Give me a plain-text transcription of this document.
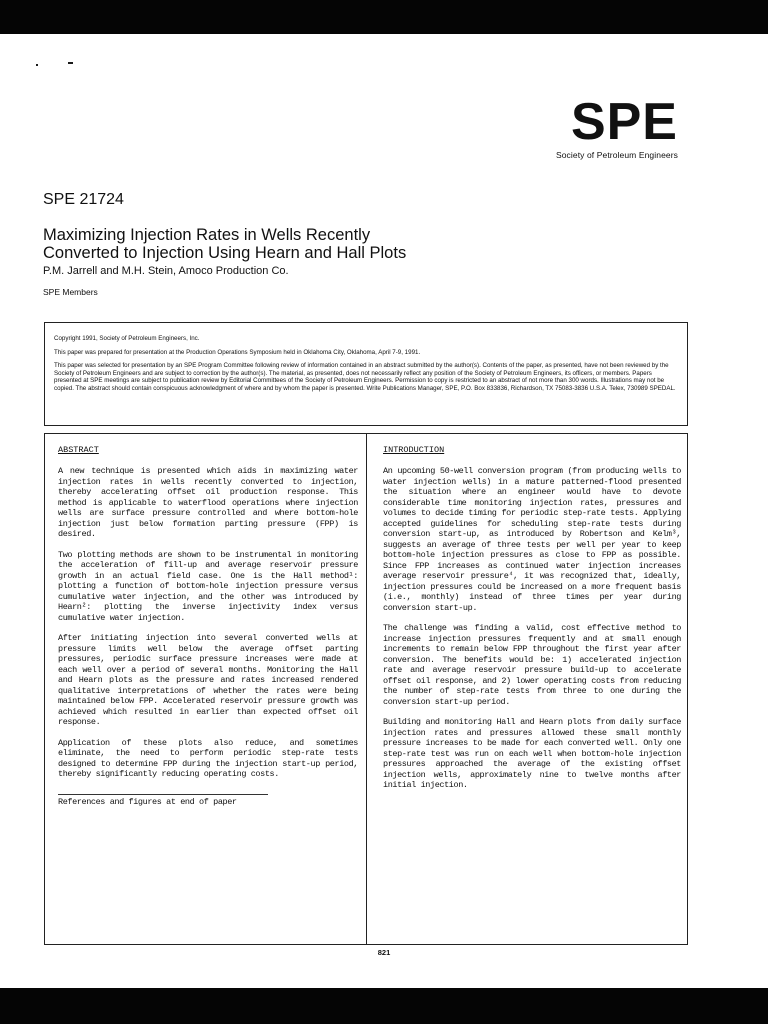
SPE
Society of Petroleum Engineers
SPE 21724
Maximizing Injection Rates in Wells Recently
Converted to Injection Using Hearn and Hall Plots
P.M. Jarrell and M.H. Stein, Amoco Production Co.
SPE Members

Copyright 1991, Society of Petroleum Engineers, Inc.

This paper was prepared for presentation at the Production Operations Symposium held in Oklahoma City, Oklahoma, April 7-9, 1991.

This paper was selected for presentation by an SPE Program Committee following review of information contained in an abstract submitted by the author(s). Contents of the paper, as presented, have not been reviewed by the Society of Petroleum Engineers and are subject to correction by the author(s). The material, as presented, does not necessarily reflect any position of the Society of Petroleum Engineers, its officers, or members. Papers presented at SPE meetings are subject to publication review by Editorial Committees of the Society of Petroleum Engineers. Permission to copy is restricted to an abstract of not more than 300 words. Illustrations may not be copied. The abstract should contain conspicuous acknowledgment of where and by whom the paper is presented. Write Publications Manager, SPE, P.O. Box 833836, Richardson, TX 75083-3836 U.S.A. Telex, 730989 SPEDAL.

ABSTRACT

A new technique is presented which aids in maximizing water injection rates in wells recently converted to injection, thereby accelerating offset oil production response. This method is applicable to waterflood operations where injection wells are surface pressure controlled and where bottom-hole injection just below formation parting pressure (FPP) is desired.

Two plotting methods are shown to be instrumental in monitoring the acceleration of fill-up and average reservoir pressure growth in an actual field case. One is the Hall method¹: plotting a function of bottom-hole injection pressure versus cumulative water injection, and the other was introduced by Hearn²: plotting the inverse injectivity index versus cumulative water injection.

After initiating injection into several converted wells at pressure limits well below the average offset parting pressures, periodic surface pressure increases were made at each well over a period of several months. Monitoring the Hall and Hearn plots as the pressure and rates increased rendered qualitative interpretations of whether the rates were being maintained below FPP. Accelerated reservoir pressure growth was achieved which resulted in earlier than expected offset oil response.

Application of these plots also reduce, and sometimes eliminate, the need to perform periodic step-rate tests designed to determine FPP during the injection start-up period, thereby significantly reducing operating costs.

References and figures at end of paper
INTRODUCTION

An upcoming 50-well conversion program (from producing wells to water injection wells) in a mature patterned-flood presented the situation where an engineer would have to devote considerable time monitoring injection rates, pressures and volumes to decide timing for periodic step-rate tests. Applying accepted guidelines for scheduling step-rate tests during conversion start-up, as introduced by Robertson and Kelm³, suggests an average of three tests per well per year to keep bottom-hole injection pressures as close to FPP as possible. Since FPP increases as continued water injection increases average reservoir pressure⁴, it was recognized that, ideally, injection pressures could be increased on a more frequent basis (i.e., monthly) instead of three times per year during conversion start-up.

The challenge was finding a valid, cost effective method to increase injection pressures frequently and at small enough increments to remain below FPP throughout the first year after conversion. The benefits would be: 1) accelerated injection rate and average reservoir pressure build-up to accelerate offset oil response, and 2) lower operating costs from reducing the number of step-rate tests from three to one during the conversion start-up period.

Building and monitoring Hall and Hearn plots from daily surface injection rates and pressures allowed these small monthly pressure increases to be made for each converted well. Only one step-rate test was run on each well when bottom-hole injection pressures approached the average of the existing offset injection wells, approximately nine to twelve months after initial injection.

821
